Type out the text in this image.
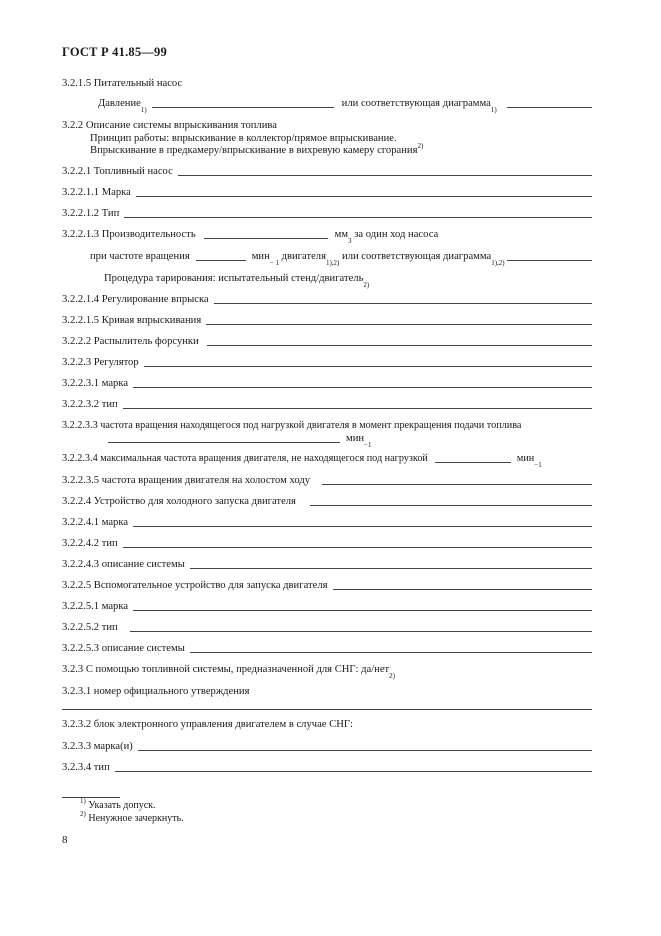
ГОСТ Р 41.85—99
3.2.1.5 Питательный насос
Давление
1)
или соответствующая диаграмма
1)
3.2.2 Описание системы впрыскивания топлива
Принцип работы: впрыскивание в коллектор/прямое впрыскивание.
Впрыскивание в предкамеру/впрыскивание в вихревую камеру сгорания$^{2)}$
3.2.2.1 Топливный насос
3.2.2.1.1 Марка
3.2.2.1.2 Тип
3.2.2.1.3 Производительность	мм
3
за один ход насоса
при частоте вращения	мин
− 1
двигателя
1),2)
или соответствующая диаграмма
1),2)
Процедура тарирования: испытательный стенд/двигатель
2)
3.2.2.1.4 Регулирование впрыска
3.2.2.1.5 Кривая впрыскивания
3.2.2.2 Распылитель форсунки
3.2.2.3 Регулятор
3.2.2.3.1 марка
3.2.2.3.2 тип
3.2.2.3.3 частота вращения находящегося под нагрузкой двигателя в момент прекращения подачи топлива
мин
−1
3.2.2.3.4 максимальная частота вращения двигателя, не находящегося под нагрузкой	мин
−1
3.2.2.3.5 частота вращения двигателя на холостом ходу
3.2.2.4 Устройство для холодного запуска двигателя
3.2.2.4.1 марка
3.2.2.4.2 тип
3.2.2.4.3 описание системы
3.2.2.5 Вспомогательное устройство для запуска двигателя
3.2.2.5.1 марка
3.2.2.5.2 тип
3.2.2.5.3 описание системы
3.2.3 С помощью топливной системы, предназначенной для СНГ: да/нет
2)
3.2.3.1 номер официального утверждения
3.2.3.2 блок электронного управления двигателем в случае СНГ:
3.2.3.3 марка(и)
3.2.3.4 тип
$^{1)}$ Указать допуск.
$^{2)}$ Ненужное зачеркнуть.
8
